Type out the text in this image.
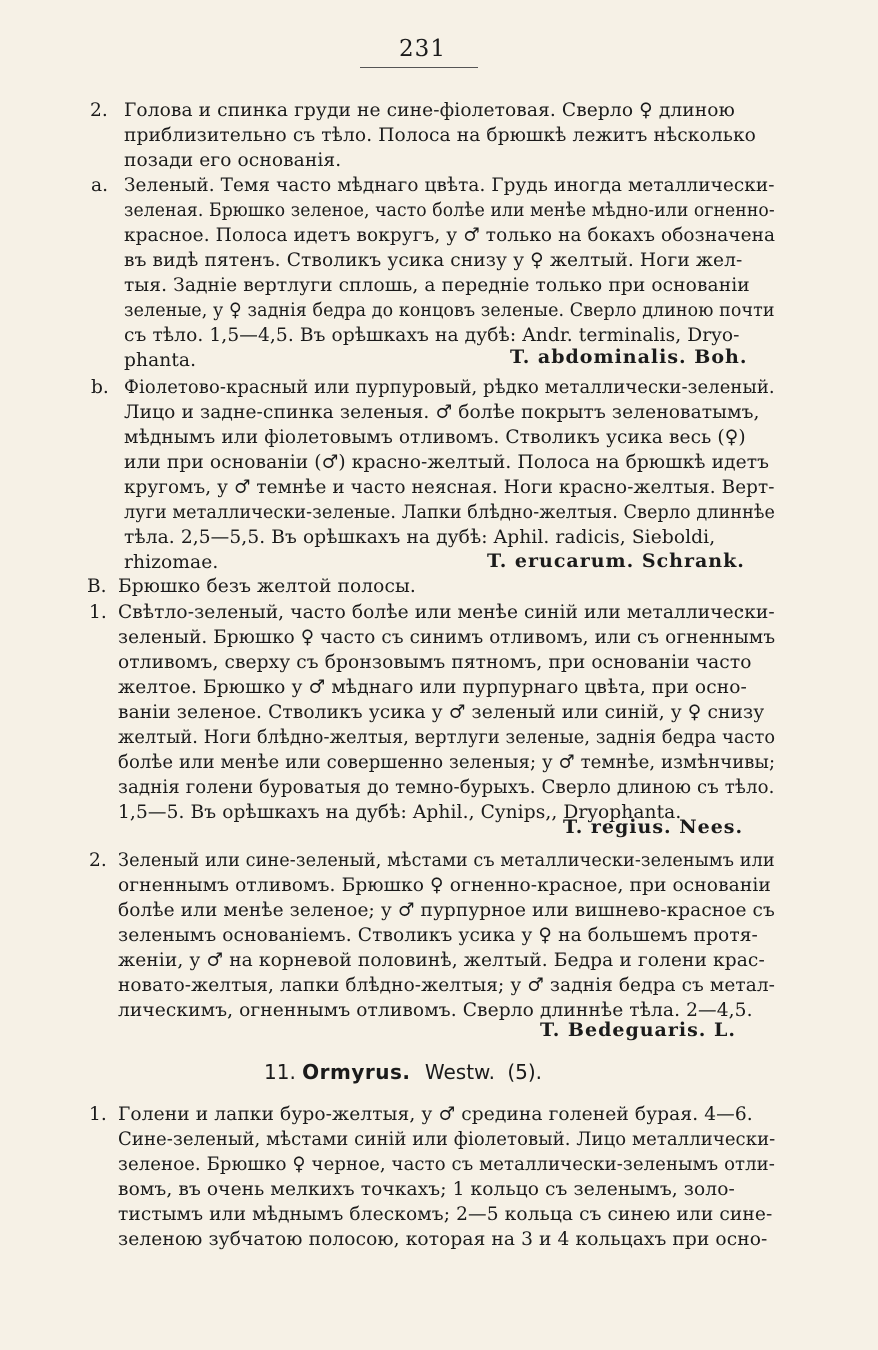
231
2. Голова и спинка груди не сине-фіолетовая. Сверло ♀ длиною
приблизительно съ тѣло. Полоса на брюшкѣ лежитъ нѣсколько
позади его основанія.
a. Зеленый. Темя часто мѣднаго цвѣта. Грудь иногда металлически-
зеленая. Брюшко зеленое, часто болѣе или менѣе мѣдно-или огненно-
красное. Полоса идетъ вокругъ, у ♂ только на бокахъ обозначена
въ видѣ пятенъ. Стволикъ усика снизу у ♀ желтый. Ноги жел-
тыя. Заднie вертлуги сплошь, а передніе только при основаніи
зеленые, у ♀ заднія бедра до концовъ зеленые. Сверло длиною почти
съ тѣло. 1,5—4,5. Въ орѣшкахъ на дубѣ: Andr. terminalis, Dryo-
phanta.	T. abdominalis. Boh.
b. Фіолетово-красный или пурпуровый, рѣдко металлически-зеленый.
Лицо и задне-спинка зеленыя. ♂ болѣе покрытъ зеленоватымъ,
мѣднымъ или фіолетовымъ отливомъ. Стволикъ усика весь (♀)
или при основаніи (♂) красно-желтый. Полоса на брюшкѣ идетъ
кругомъ, у ♂ темнѣе и часто неясная. Ноги красно-желтыя. Верт-
луги металлически-зеленые. Лапки блѣдно-желтыя. Сверло длиннѣе
тѣла. 2,5—5,5. Въ орѣшкахъ на дубѣ: Aphil. radicis, Sieboldi,
rhizomae.	T. erucarum. Schrank.
B. Брюшко безъ желтой полосы.
1. Свѣтло-зеленый, часто болѣе или менѣе синій или металлически-
зеленый. Брюшко ♀ часто съ синимъ отливомъ, или съ огненнымъ
отливомъ, сверху съ бронзовымъ пятномъ, при основаніи часто
желтое. Брюшко у ♂ мѣднаго или пурпурнаго цвѣта, при осно-
ваніи зеленое. Стволикъ усика у ♂ зеленый или синій, у ♀ снизу
желтый. Ноги блѣдно-желтыя, вертлуги зеленые, заднія бедра часто
болѣе или менѣе или совершенно зеленыя; у ♂ темнѣе, измѣнчивы;
заднія голени буроватыя до темно-бурыхъ. Сверло длиною съ тѣло.
1,5—5. Въ орѣшкахъ на дубѣ: Aphil., Cynips,, Dryophanta.
T. regius. Nees.
2. Зеленый или сине-зеленый, мѣстами съ металлически-зеленымъ или
огненнымъ отливомъ. Брюшко ♀ огненно-красное, при основаніи
болѣе или менѣе зеленое; у ♂ пурпурное или вишнево-красное съ
зеленымъ основаніемъ. Стволикъ усика у ♀ на большемъ протя-
женіи, у ♂ на корневой половинѣ, желтый. Бедра и голени крас-
новато-желтыя, лапки блѣдно-желтыя; у ♂ заднія бедра съ метал-
лическимъ, огненнымъ отливомъ. Сверло длиннѣе тѣла. 2—4,5.
T. Bedeguaris. L.
11. Ormyrus. Westw. (5).
1. Голени и лапки буро-желтыя, у ♂ средина голеней бурая. 4—6.
Сине-зеленый, мѣстами синій или фіолетовый. Лицо металлически-
зеленое. Брюшко ♀ черное, часто съ металлически-зеленымъ отли-
вомъ, въ очень мелкихъ точкахъ; 1 кольцо съ зеленымъ, золо-
тистымъ или мѣднымъ блескомъ; 2—5 кольца съ синею или сине-
зеленою зубчатою полосою, которая на 3 и 4 кольцахъ при осно-
